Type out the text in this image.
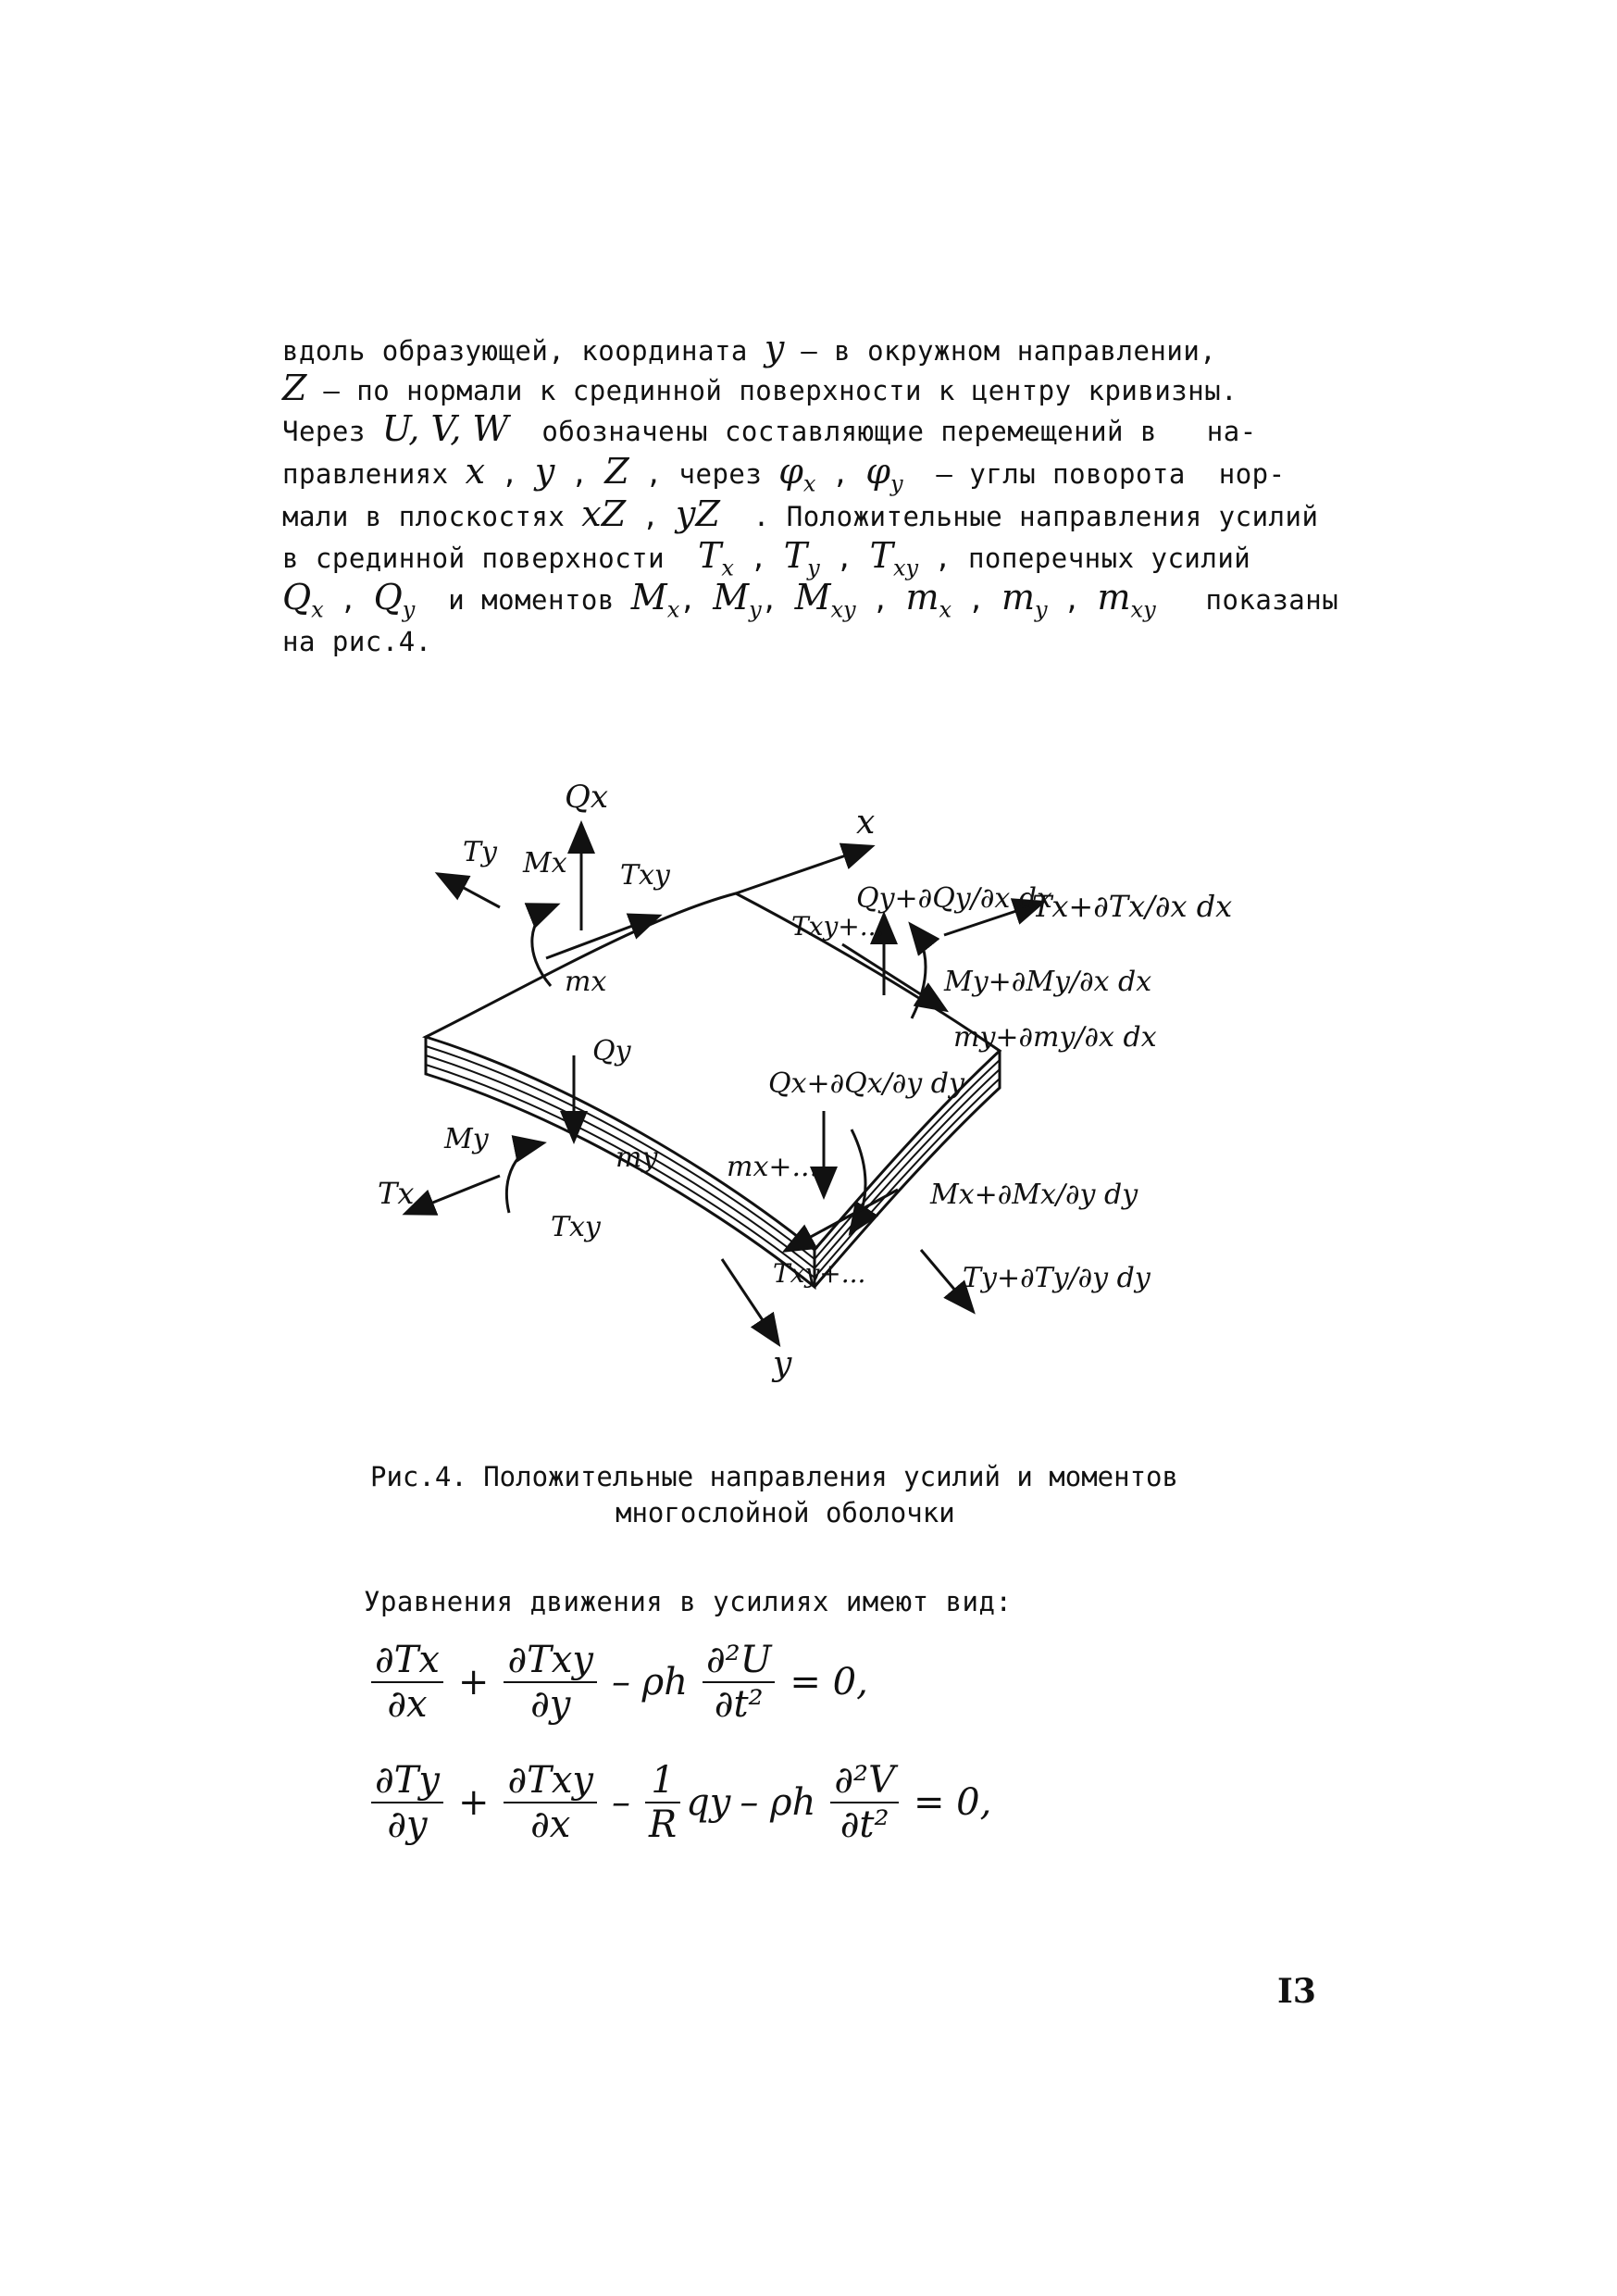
вдоль образующей, координата y – в окружном направлении,
Z – по нормали к срединной поверхности к центру кривизны.
Через U, V, W  обозначены составляющие перемещений в   на-
правлениях x , y , Z , через $\varphi_x$ , $\varphi_y$  – углы поворота  нор-
мали в плоскостях xZ , yZ  . Положительные направления усилий
в срединной поверхности  $T_x$ , $T_y$ , $T_{xy}$ , поперечных усилий
$Q_x$ , $Q_y$  и моментов $M_x$, $M_y$, $M_{xy}$ , $m_x$ , $m_y$ , $m_{xy}$   показаны
на рис.4.
Qx
Ty Mx Txy
mx
x
Qy+∂Qy/∂x dx
Txy+...
Tx+∂Tx/∂x dx
My+∂My/∂x dx
my+∂my/∂x dx
Qy
Qx+∂Qx/∂y dy
My
my mx+...
Tx
Txy
Mx+∂Mx/∂y dy
Txy+...	Ty+∂Ty/∂y dy
y
Рис.4. Положительные направления усилий и моментов
многослойной оболочки
Уравнения движения в усилиях имеют вид:
$\frac{\partial Tx}{\partial x} + \frac{\text{∂Txy}}{\partial y} - \rho h \frac{\text{∂²U}}{\text{∂t²}} = 0$,
$\frac{\partial Ty}{\partial y} + \frac{\text{∂Txy}}{\partial x} - \frac{1}{R}$ qy – ρh $\frac{\text{∂²V}}{\text{∂t²}} = 0$,
I3
